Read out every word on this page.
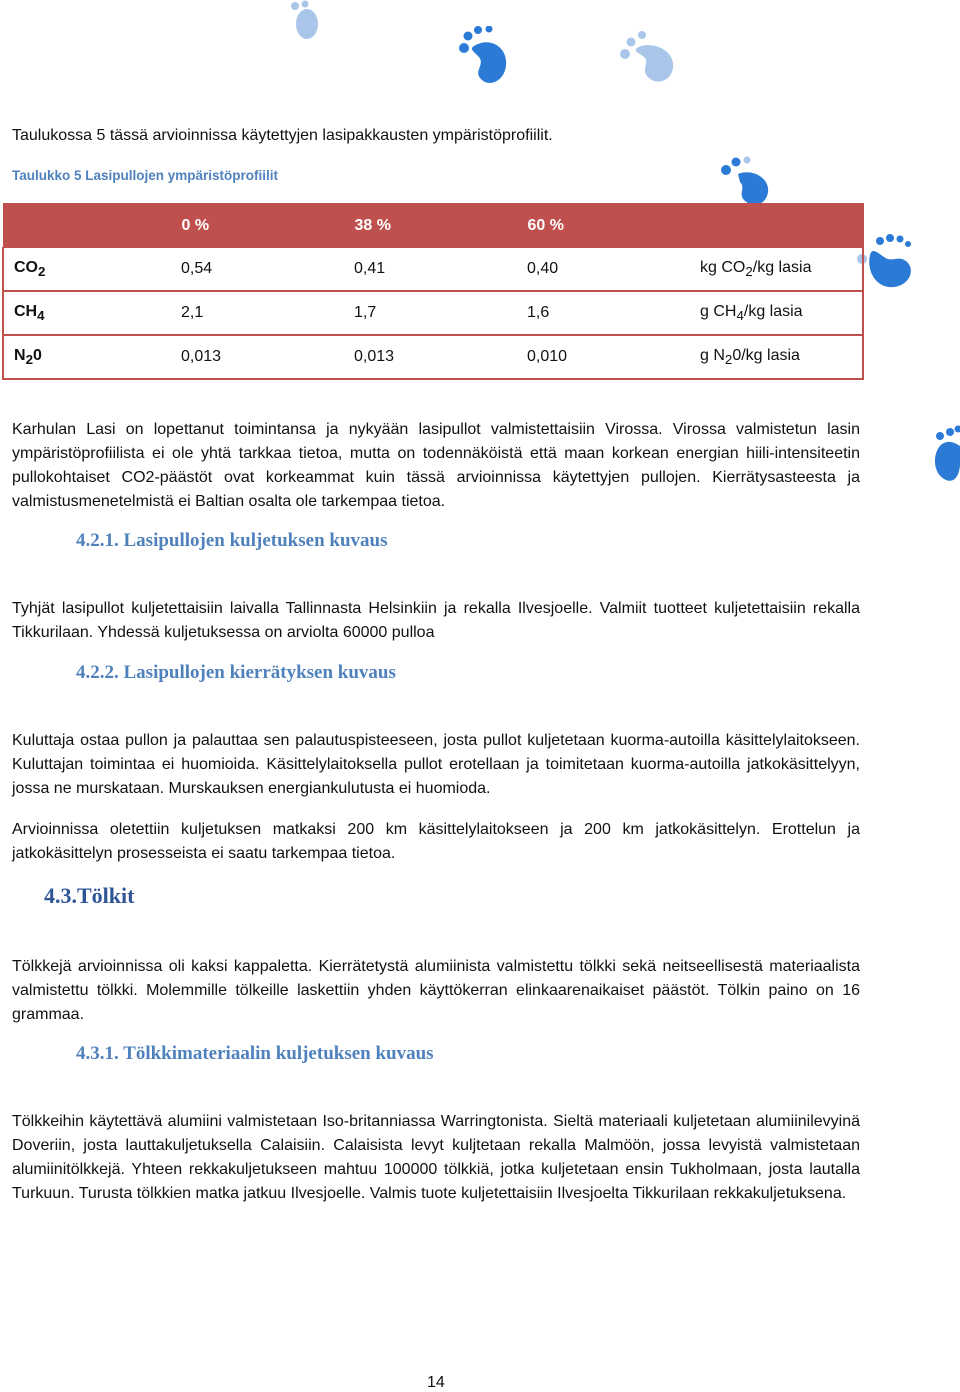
Taulukossa 5 tässä arvioinnissa käytettyjen lasipakkausten ympäristöprofiilit.
Taulukko 5 Lasipullojen ympäristöprofiilit
	0 %	38 %	60 %	
$CO_2$	0,54	0,41	0,40	kg $CO_2/kg$ lasia
$CH_4$	2,1	1,7	1,6	g $CH_4/kg$ lasia
$N_20$	0,013	0,013	0,010	g $N_20/kg$ lasia
Karhulan Lasi on lopettanut toimintansa ja nykyään lasipullot valmistettaisiin Virossa. Virossa valmistetun lasin ympäristöprofiilista ei ole yhtä tarkkaa tietoa, mutta on todennäköistä että maan korkean energian hiili-intensiteetin pullokohtaiset CO2-päästöt ovat korkeammat kuin tässä arvioinnissa käytettyjen pullojen. Kierrätysasteesta ja valmistusmenetelmistä ei Baltian osalta ole tarkempaa tietoa.
4.2.1. Lasipullojen kuljetuksen kuvaus
Tyhjät lasipullot kuljetettaisiin laivalla Tallinnasta Helsinkiin ja rekalla Ilvesjoelle. Valmiit tuotteet kuljetettaisiin rekalla Tikkurilaan. Yhdessä kuljetuksessa on arviolta 60000 pulloa
4.2.2. Lasipullojen kierrätyksen kuvaus
Kuluttaja ostaa pullon ja palauttaa sen palautuspisteeseen, josta pullot kuljetetaan kuorma-autoilla käsittelylaitokseen. Kuluttajan toimintaa ei huomioida. Käsittelylaitoksella pullot erotellaan ja toimitetaan kuorma-autoilla jatkokäsittelyyn, jossa ne murskataan. Murskauksen energiankulutusta ei huomioda.
Arvioinnissa oletettiin kuljetuksen matkaksi 200 km käsittelylaitokseen ja 200 km jatkokäsittelyn. Erottelun ja jatkokäsittelyn prosesseista ei saatu tarkempaa tietoa.
4.3.Tölkit
Tölkkejä arvioinnissa oli kaksi kappaletta. Kierrätetystä alumiinista valmistettu tölkki sekä neitseellisestä materiaalista valmistettu tölkki. Molemmille tölkeille laskettiin yhden käyttökerran elinkaarenaikaiset päästöt. Tölkin paino on 16 grammaa.
4.3.1. Tölkkimateriaalin kuljetuksen kuvaus
Tölkkeihin käytettävä alumiini valmistetaan Iso-britanniassa Warringtonista. Sieltä materiaali kuljetetaan alumiinilevyinä Doveriin, josta lauttakuljetuksella Calaisiin. Calaisista levyt kuljtetaan rekalla Malmöön, jossa levyistä valmistetaan alumiinitölkkejä. Yhteen rekkakuljetukseen mahtuu 100000 tölkkiä, jotka kuljetetaan ensin Tukholmaan, josta lautalla Turkuun. Turusta tölkkien matka jatkuu Ilvesjoelle. Valmis tuote kuljetettaisiin Ilvesjoelta Tikkurilaan rekkakuljetuksena.
14
